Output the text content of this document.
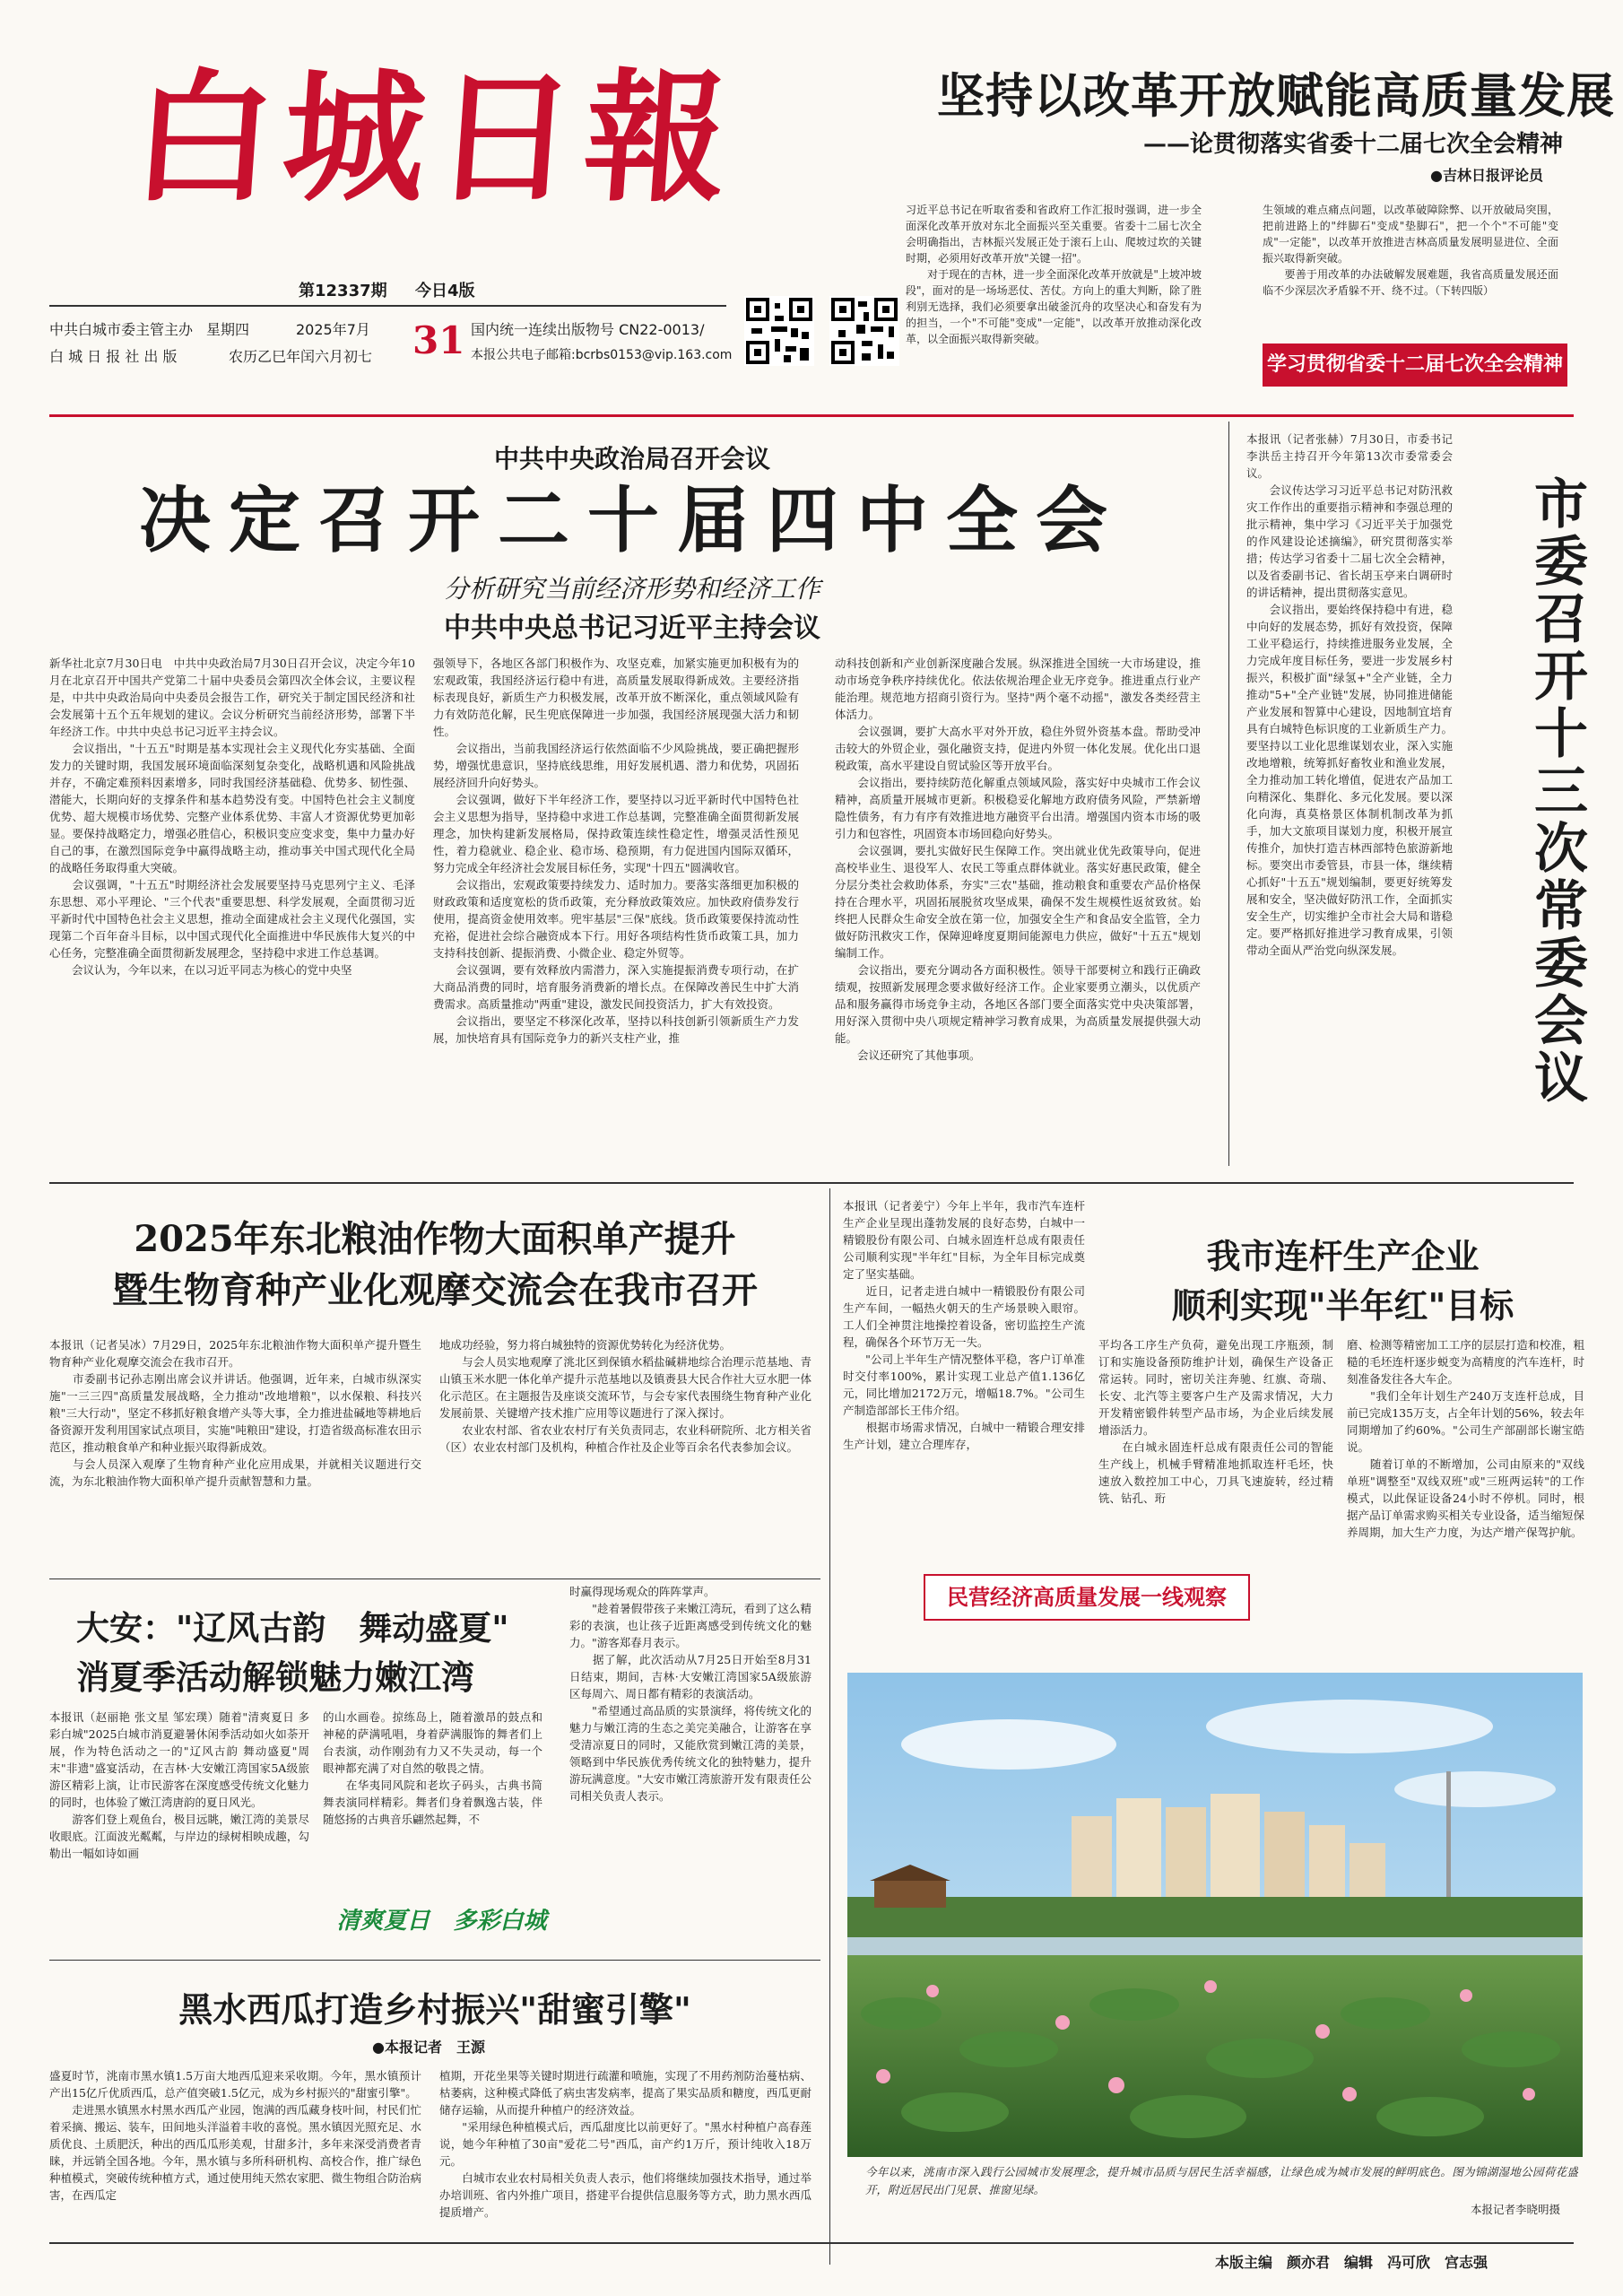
白城日報
第12337期 今日4版
中共白城市委主管主办
白 城 日 报 社 出 版
星期四	2025年7月 31
农历乙巳年闰六月初七
国内统一连续出版物号 CN22-0013/
本报公共电子邮箱:bcrbs0153@vip.163.com
坚持以改革开放赋能高质量发展
——论贯彻落实省委十二届七次全会精神
●吉林日报评论员
习近平总书记在听取省委和省政府工作汇报时强调，进一步全面深化改革开放对东北全面振兴至关重要。省委十二届七次全会明确指出，吉林振兴发展正处于滚石上山、爬坡过坎的关键时期，必须用好改革开放"关键一招"。
　　对于现在的吉林，进一步全面深化改革开放就是"上坡冲坡段"，面对的是一场场恶仗、苦仗。方向上的重大判断，除了胜利别无选择，我们必须要拿出破釜沉舟的攻坚决心和奋发有为的担当，一个"不可能"变成"一定能"，以改革开放推动深化改革，以全面振兴取得新突破。
生领域的难点痛点问题，以改革破障除弊、以开放破局突围，把前进路上的"绊脚石"变成"垫脚石"，把一个个"不可能"变成"一定能"，以改革开放推进吉林高质量发展明显进位、全面振兴取得新突破。
　　要善于用改革的办法破解发展难题，我省高质量发展还面临不少深层次矛盾躲不开、绕不过。（下转四版）
学习贯彻省委十二届七次全会精神
中共中央政治局召开会议
决定召开二十届四中全会
分析研究当前经济形势和经济工作
中共中央总书记习近平主持会议
新华社北京7月30日电　中共中央政治局7月30日召开会议，决定今年10月在北京召开中国共产党第二十届中央委员会第四次全体会议，主要议程是，中共中央政治局向中央委员会报告工作，研究关于制定国民经济和社会发展第十五个五年规划的建议。会议分析研究当前经济形势，部署下半年经济工作。中共中央总书记习近平主持会议。
　　会议指出，"十五五"时期是基本实现社会主义现代化夯实基础、全面发力的关键时期，我国发展环境面临深刻复杂变化，战略机遇和风险挑战并存，不确定难预料因素增多，同时我国经济基础稳、优势多、韧性强、潜能大，长期向好的支撑条件和基本趋势没有变。中国特色社会主义制度优势、超大规模市场优势、完整产业体系优势、丰富人才资源优势更加彰显。要保持战略定力，增强必胜信心，积极识变应变求变，集中力量办好自己的事，在激烈国际竞争中赢得战略主动，推动事关中国式现代化全局的战略任务取得重大突破。
　　会议强调，"十五五"时期经济社会发展要坚持马克思列宁主义、毛泽东思想、邓小平理论、"三个代表"重要思想、科学发展观，全面贯彻习近平新时代中国特色社会主义思想，推动全面建成社会主义现代化强国，实现第二个百年奋斗目标，以中国式现代化全面推进中华民族伟大复兴的中心任务，完整准确全面贯彻新发展理念，坚持稳中求进工作总基调。
　　会议认为，今年以来，在以习近平同志为核心的党中央坚
强领导下，各地区各部门积极作为、攻坚克难，加紧实施更加积极有为的宏观政策，我国经济运行稳中有进，高质量发展取得新成效。主要经济指标表现良好，新质生产力积极发展，改革开放不断深化，重点领域风险有力有效防范化解，民生兜底保障进一步加强，我国经济展现强大活力和韧性。
　　会议指出，当前我国经济运行依然面临不少风险挑战，要正确把握形势，增强忧患意识，坚持底线思维，用好发展机遇、潜力和优势，巩固拓展经济回升向好势头。
　　会议强调，做好下半年经济工作，要坚持以习近平新时代中国特色社会主义思想为指导，坚持稳中求进工作总基调，完整准确全面贯彻新发展理念，加快构建新发展格局，保持政策连续性稳定性，增强灵活性预见性，着力稳就业、稳企业、稳市场、稳预期，有力促进国内国际双循环，努力完成全年经济社会发展目标任务，实现"十四五"圆满收官。
　　会议指出，宏观政策要持续发力、适时加力。要落实落细更加积极的财政政策和适度宽松的货币政策，充分释放政策效应。加快政府债券发行使用，提高资金使用效率。兜牢基层"三保"底线。货币政策要保持流动性充裕，促进社会综合融资成本下行。用好各项结构性货币政策工具，加力支持科技创新、提振消费、小微企业、稳定外贸等。
　　会议强调，要有效释放内需潜力，深入实施提振消费专项行动，在扩大商品消费的同时，培育服务消费新的增长点。在保障改善民生中扩大消费需求。高质量推动"两重"建设，激发民间投资活力，扩大有效投资。
　　会议指出，要坚定不移深化改革，坚持以科技创新引领新质生产力发展，加快培育具有国际竞争力的新兴支柱产业，推
动科技创新和产业创新深度融合发展。纵深推进全国统一大市场建设，推动市场竞争秩序持续优化。依法依规治理企业无序竞争。推进重点行业产能治理。规范地方招商引资行为。坚持"两个毫不动摇"，激发各类经营主体活力。
　　会议强调，要扩大高水平对外开放，稳住外贸外资基本盘。帮助受冲击较大的外贸企业，强化融资支持，促进内外贸一体化发展。优化出口退税政策，高水平建设自贸试验区等开放平台。
　　会议指出，要持续防范化解重点领域风险，落实好中央城市工作会议精神，高质量开展城市更新。积极稳妥化解地方政府债务风险，严禁新增隐性债务，有力有序有效推进地方融资平台出清。增强国内资本市场的吸引力和包容性，巩固资本市场回稳向好势头。
　　会议强调，要扎实做好民生保障工作。突出就业优先政策导向，促进高校毕业生、退役军人、农民工等重点群体就业。落实好惠民政策，健全分层分类社会救助体系，夯实"三农"基础，推动粮食和重要农产品价格保持在合理水平，巩固拓展脱贫攻坚成果，确保不发生规模性返贫致贫。始终把人民群众生命安全放在第一位，加强安全生产和食品安全监管，全力做好防汛救灾工作，保障迎峰度夏期间能源电力供应，做好"十五五"规划编制工作。
　　会议指出，要充分调动各方面积极性。领导干部要树立和践行正确政绩观，按照新发展理念要求做好经济工作。企业家要勇立潮头，以优质产品和服务赢得市场竞争主动，各地区各部门要全面落实党中央决策部署，用好深入贯彻中央八项规定精神学习教育成果，为高质量发展提供强大动能。
　　会议还研究了其他事项。
本报讯（记者张赫）7月30日，市委书记李洪岳主持召开今年第13次市委常委会议。
　　会议传达学习习近平总书记对防汛救灾工作作出的重要指示精神和李强总理的批示精神，集中学习《习近平关于加强党的作风建设论述摘编》，研究贯彻落实举措；传达学习省委十二届七次全会精神，以及省委副书记、省长胡玉亭来白调研时的讲话精神，提出贯彻落实意见。
　　会议指出，要始终保持稳中有进，稳中向好的发展态势，抓好有效投资，保障工业平稳运行，持续推进服务业发展，全力完成年度目标任务，要进一步发展乡村振兴，积极扩面"绿氢+"全产业链，全力推动"5+"全产业链"发展，协同推进储能产业发展和智算中心建设，因地制宜培育具有白城特色标识度的工业新质生产力。要坚持以工业化思维谋划农业，深入实施改地增粮，统筹抓好畜牧业和渔业发展，全力推动加工转化增值，促进农产品加工向精深化、集群化、多元化发展。要以深化向海，真莫格景区体制机制改革为抓手，加大文旅项目谋划力度，积极开展宣传推介，加快打造吉林西部特色旅游新地标。要突出市委管县，市县一体，继续精心抓好"十五五"规划编制，要更好统筹发展和安全，坚决做好防汛工作，全面抓实安全生产，切实维护全市社会大局和谐稳定。要严格抓好推进学习教育成果，引领带动全面从严治党向纵深发展。	市委召开十三次常委会议
2025年东北粮油作物大面积单产提升
暨生物育种产业化观摩交流会在我市召开
本报讯（记者吴冰）7月29日，2025年东北粮油作物大面积单产提升暨生物育种产业化观摩交流会在我市召开。
　　市委副书记孙志刚出席会议并讲话。他强调，近年来，白城市纵深实施"一三三四"高质量发展战略，全力推动"改地增粮"，以水保粮、科技兴粮"三大行动"，坚定不移抓好粮食增产头等大事，全力推进盐碱地等耕地后备资源开发利用国家试点项目，实施"吨粮田"建设，打造省级高标准农田示范区，推动粮食单产和种业振兴取得新成效。
　　与会人员深入观摩了生物育种产业化应用成果，并就相关议题进行交流，为东北粮油作物大面积单产提升贡献智慧和力量。
地成功经验，努力将白城独特的资源优势转化为经济优势。
　　与会人员实地观摩了洮北区到保镇水稻盐碱耕地综合治理示范基地、青山镇玉米水肥一体化单产提升示范基地以及镇赉县大民合作社大豆水肥一体化示范区。在主题报告及座谈交流环节，与会专家代表围绕生物育种产业化发展前景、关键增产技术推广应用等议题进行了深入探讨。
　　农业农村部、省农业农村厅有关负责同志，农业科研院所、北方相关省（区）农业农村部门及机构，种植合作社及企业等百余名代表参加会议。
本报讯（记者姜宁）今年上半年，我市汽车连杆生产企业呈现出蓬勃发展的良好态势，白城中一精锻股份有限公司、白城永固连杆总成有限责任公司顺利实现"半年红"目标，为全年目标完成奠定了坚实基础。
　　近日，记者走进白城中一精锻股份有限公司生产车间，一幅热火朝天的生产场景映入眼帘。工人们全神贯注地操控着设备，密切监控生产流程，确保各个环节万无一失。
　　"公司上半年生产情况整体平稳，客户订单准时交付率100%，累计实现工业总产值1.136亿元，同比增加2172万元，增幅18.7%。"公司生产制造部部长王伟介绍。
　　根据市场需求情况，白城中一精锻合理安排生产计划，建立合理库存，
我市连杆生产企业
顺利实现"半年红"目标
平均各工序生产负荷，避免出现工序瓶颈，制订和实施设备预防维护计划，确保生产设备正常运转。同时，密切关注奔驰、红旗、奇瑞、长安、北汽等主要客户生产及需求情况，大力开发精密锻件转型产品市场，为企业后续发展增添活力。
　　在白城永固连杆总成有限责任公司的智能生产线上，机械手臂精准地抓取连杆毛坯，快速放入数控加工中心，刀具飞速旋转，经过精铣、钻孔、珩
磨、检测等精密加工工序的层层打造和校准，粗糙的毛坯连杆逐步蜕变为高精度的汽车连杆，时刻准备发往各大车企。
　　"我们全年计划生产240万支连杆总成，目前已完成135万支，占全年计划的56%，较去年同期增加了约60%。"公司生产部副部长谢宝皓说。
　　随着订单的不断增加，公司由原来的"双线单班"调整至"双线双班"或"三班两运转"的工作模式，以此保证设备24小时不停机。同时，根据产品订单需求购买相关专业设备，适当缩短保养周期，加大生产力度，为达产增产保驾护航。
民营经济高质量发展一线观察
今年以来，洮南市深入践行公园城市发展理念，提升城市品质与居民生活幸福感，让绿色成为城市发展的鲜明底色。图为锦湖湿地公园荷花盛开，附近居民出门见景、推窗见绿。
本报记者李晓明摄
大安："辽风古韵　舞动盛夏"
消夏季活动解锁魅力嫩江湾
本报讯（赵丽艳 张文星 邹宏璞）随着"清爽夏日 多彩白城"2025白城市消夏避暑休闲季活动如火如荼开展，作为特色活动之一的"辽风古韵 舞动盛夏"周末"非遗"盛宴活动，在吉林·大安嫩江湾国家5A级旅游区精彩上演，让市民游客在深度感受传统文化魅力的同时，也体验了嫩江湾唐韵的夏日风光。
　　游客们登上观鱼台，极目远眺，嫩江湾的美景尽收眼底。江面波光粼粼，与岸边的绿树相映成趣，勾勒出一幅如诗如画
的山水画卷。掠练岛上，随着激昂的鼓点和神秘的萨满吼唱，身着萨满服饰的舞者们上台表演，动作刚劲有力又不失灵动，每一个眼神都充满了对自然的敬畏之情。
　　在华夷同风院和老坎子码头，古典书简舞表演同样精彩。舞者们身着飘逸古装，伴随悠扬的古典音乐翩然起舞，不
时赢得现场观众的阵阵掌声。
　　"趁着暑假带孩子来嫩江湾玩，看到了这么精彩的表演，也让孩子近距离感受到传统文化的魅力。"游客郑春月表示。
　　据了解，此次活动从7月25日开始至8月31日结束，期间，吉林·大安嫩江湾国家5A级旅游区每周六、周日都有精彩的表演活动。
　　"希望通过高品质的实景演绎，将传统文化的魅力与嫩江湾的生态之美完美融合，让游客在享受清凉夏日的同时，又能欣赏到嫩江湾的美景，领略到中华民族优秀传统文化的独特魅力，提升游玩满意度。"大安市嫩江湾旅游开发有限责任公司相关负责人表示。
清爽夏日　多彩白城
黑水西瓜打造乡村振兴"甜蜜引擎"
●本报记者　王源
盛夏时节，洮南市黑水镇1.5万亩大地西瓜迎来采收期。今年，黑水镇预计产出15亿斤优质西瓜，总产值突破1.5亿元，成为乡村振兴的"甜蜜引擎"。
　　走进黑水镇黑水村黑水西瓜产业园，饱满的西瓜藏身枝叶间，村民们忙着采摘、搬运、装车，田间地头洋溢着丰收的喜悦。黑水镇因光照充足、水质优良、土质肥沃，种出的西瓜瓜形美观，甘甜多汁，多年来深受消费者青睐，并远销全国各地。今年，黑水镇与多所科研机构、高校合作，推广绿色种植模式，突破传统种植方式，通过使用纯天然农家肥、微生物组合防治病害，在西瓜定
植期，开花坐果等关键时期进行疏灌和喷施，实现了不用药剂防治蔓枯病、枯萎病，这种模式降低了病虫害发病率，提高了果实品质和糖度，西瓜更耐储存运输，从而提升种植户的经济效益。
　　"采用绿色种植模式后，西瓜甜度比以前更好了。"黑水村种植户高春莲说，她今年种植了30亩"爱花二号"西瓜，亩产约1万斤，预计纯收入18万元。
　　白城市农业农村局相关负责人表示，他们将继续加强技术指导，通过举办培训班、省内外推广项目，搭建平台提供信息服务等方式，助力黑水西瓜提质增产。
本版主编　颜亦君　编辑　冯可欣　宫志强
